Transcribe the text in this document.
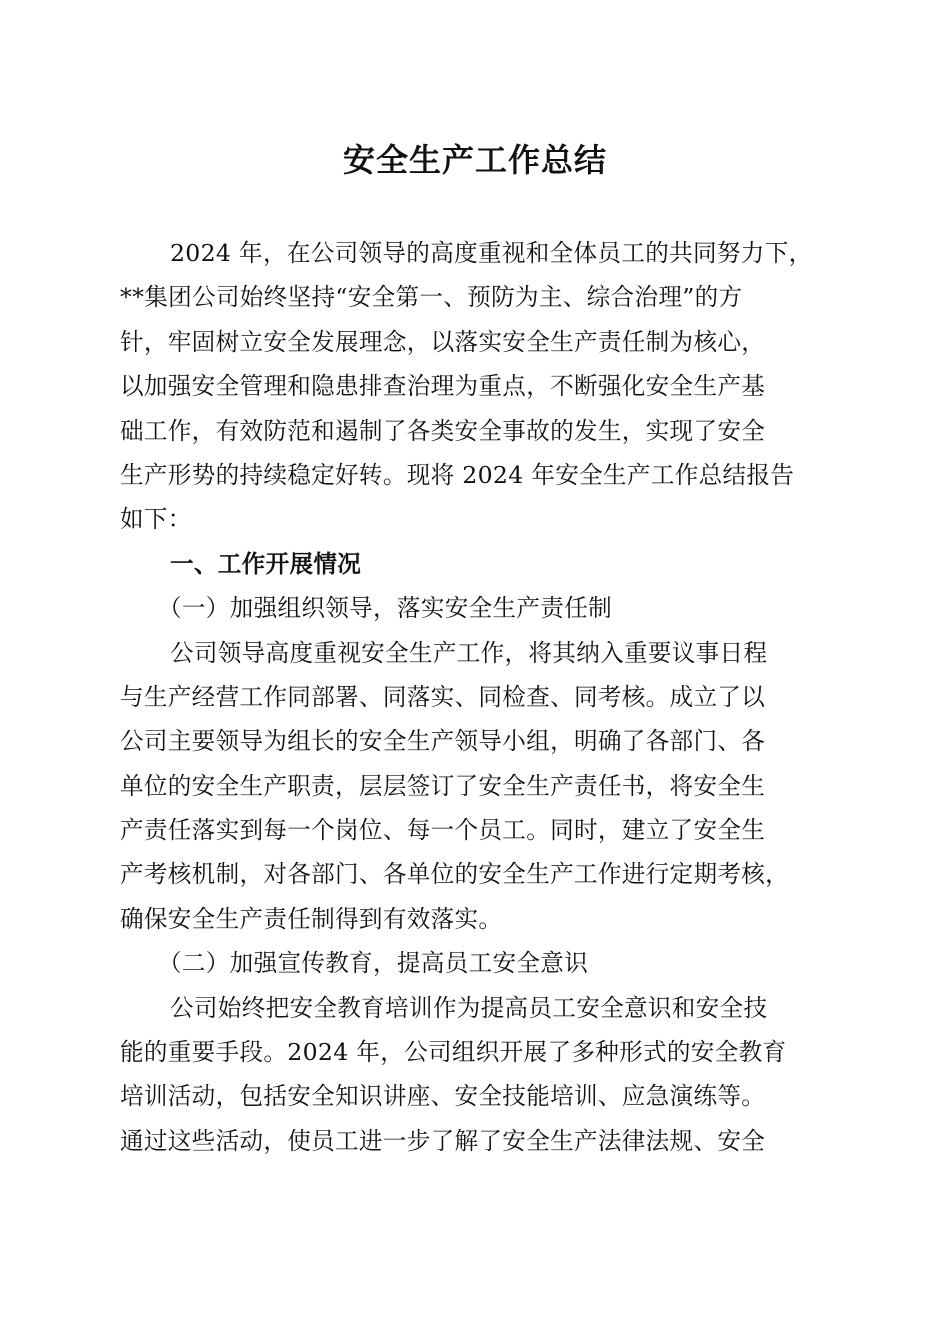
安全生产工作总结
2024 年，在公司领导的高度重视和全体员工的共同努力下，
**集团公司始终坚持“安全第一、预防为主、综合治理”的方
针，牢固树立安全发展理念，以落实安全生产责任制为核心，
以加强安全管理和隐患排查治理为重点，不断强化安全生产基
础工作，有效防范和遏制了各类安全事故的发生，实现了安全
生产形势的持续稳定好转。现将 2024 年安全生产工作总结报告
如下：
一、工作开展情况
（一）加强组织领导，落实安全生产责任制
公司领导高度重视安全生产工作，将其纳入重要议事日程
与生产经营工作同部署、同落实、同检查、同考核。成立了以
公司主要领导为组长的安全生产领导小组，明确了各部门、各
单位的安全生产职责，层层签订了安全生产责任书，将安全生
产责任落实到每一个岗位、每一个员工。同时，建立了安全生
产考核机制，对各部门、各单位的安全生产工作进行定期考核，
确保安全生产责任制得到有效落实。
（二）加强宣传教育，提高员工安全意识
公司始终把安全教育培训作为提高员工安全意识和安全技
能的重要手段。2024 年，公司组织开展了多种形式的安全教育
培训活动，包括安全知识讲座、安全技能培训、应急演练等。
通过这些活动，使员工进一步了解了安全生产法律法规、安全
